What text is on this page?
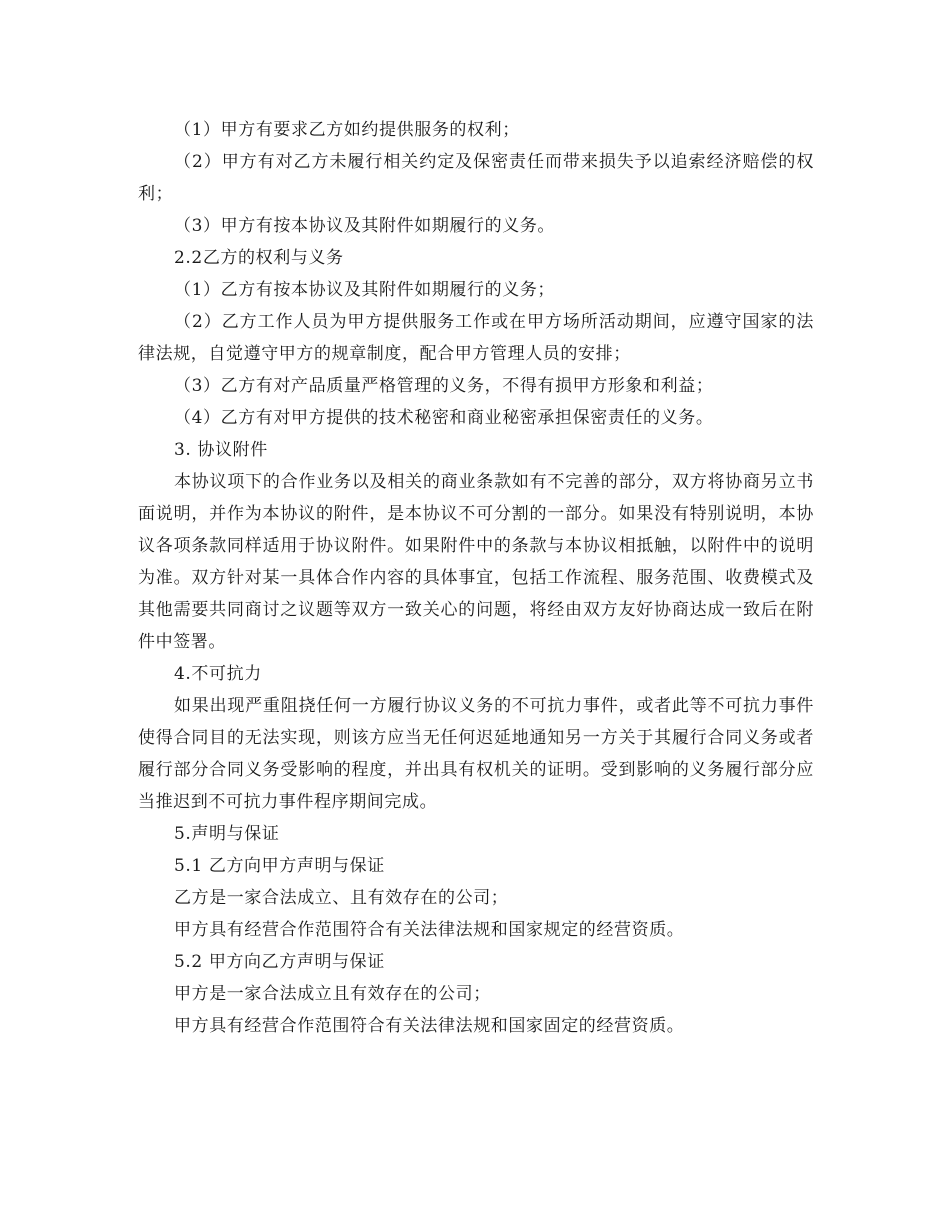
（1）甲方有要求乙方如约提供服务的权利；

（2）甲方有对乙方未履行相关约定及保密责任而带来损失予以追索经济赔偿的权利；

（3）甲方有按本协议及其附件如期履行的义务。

2.2乙方的权利与义务

（1）乙方有按本协议及其附件如期履行的义务；

（2）乙方工作人员为甲方提供服务工作或在甲方场所活动期间，应遵守国家的法律法规，自觉遵守甲方的规章制度，配合甲方管理人员的安排；

（3）乙方有对产品质量严格管理的义务，不得有损甲方形象和利益；

（4）乙方有对甲方提供的技术秘密和商业秘密承担保密责任的义务。

3. 协议附件

本协议项下的合作业务以及相关的商业条款如有不完善的部分，双方将协商另立书面说明，并作为本协议的附件，是本协议不可分割的一部分。如果没有特别说明，本协议各项条款同样适用于协议附件。如果附件中的条款与本协议相抵触，以附件中的说明为准。双方针对某一具体合作内容的具体事宜，包括工作流程、服务范围、收费模式及其他需要共同商讨之议题等双方一致关心的问题，将经由双方友好协商达成一致后在附件中签署。

4.不可抗力

如果出现严重阻挠任何一方履行协议义务的不可抗力事件，或者此等不可抗力事件使得合同目的无法实现，则该方应当无任何迟延地通知另一方关于其履行合同义务或者履行部分合同义务受影响的程度，并出具有权机关的证明。受到影响的义务履行部分应当推迟到不可抗力事件程序期间完成。

5.声明与保证

5.1 乙方向甲方声明与保证

乙方是一家合法成立、且有效存在的公司；

甲方具有经营合作范围符合有关法律法规和国家规定的经营资质。

5.2 甲方向乙方声明与保证

甲方是一家合法成立且有效存在的公司；

甲方具有经营合作范围符合有关法律法规和国家固定的经营资质。
